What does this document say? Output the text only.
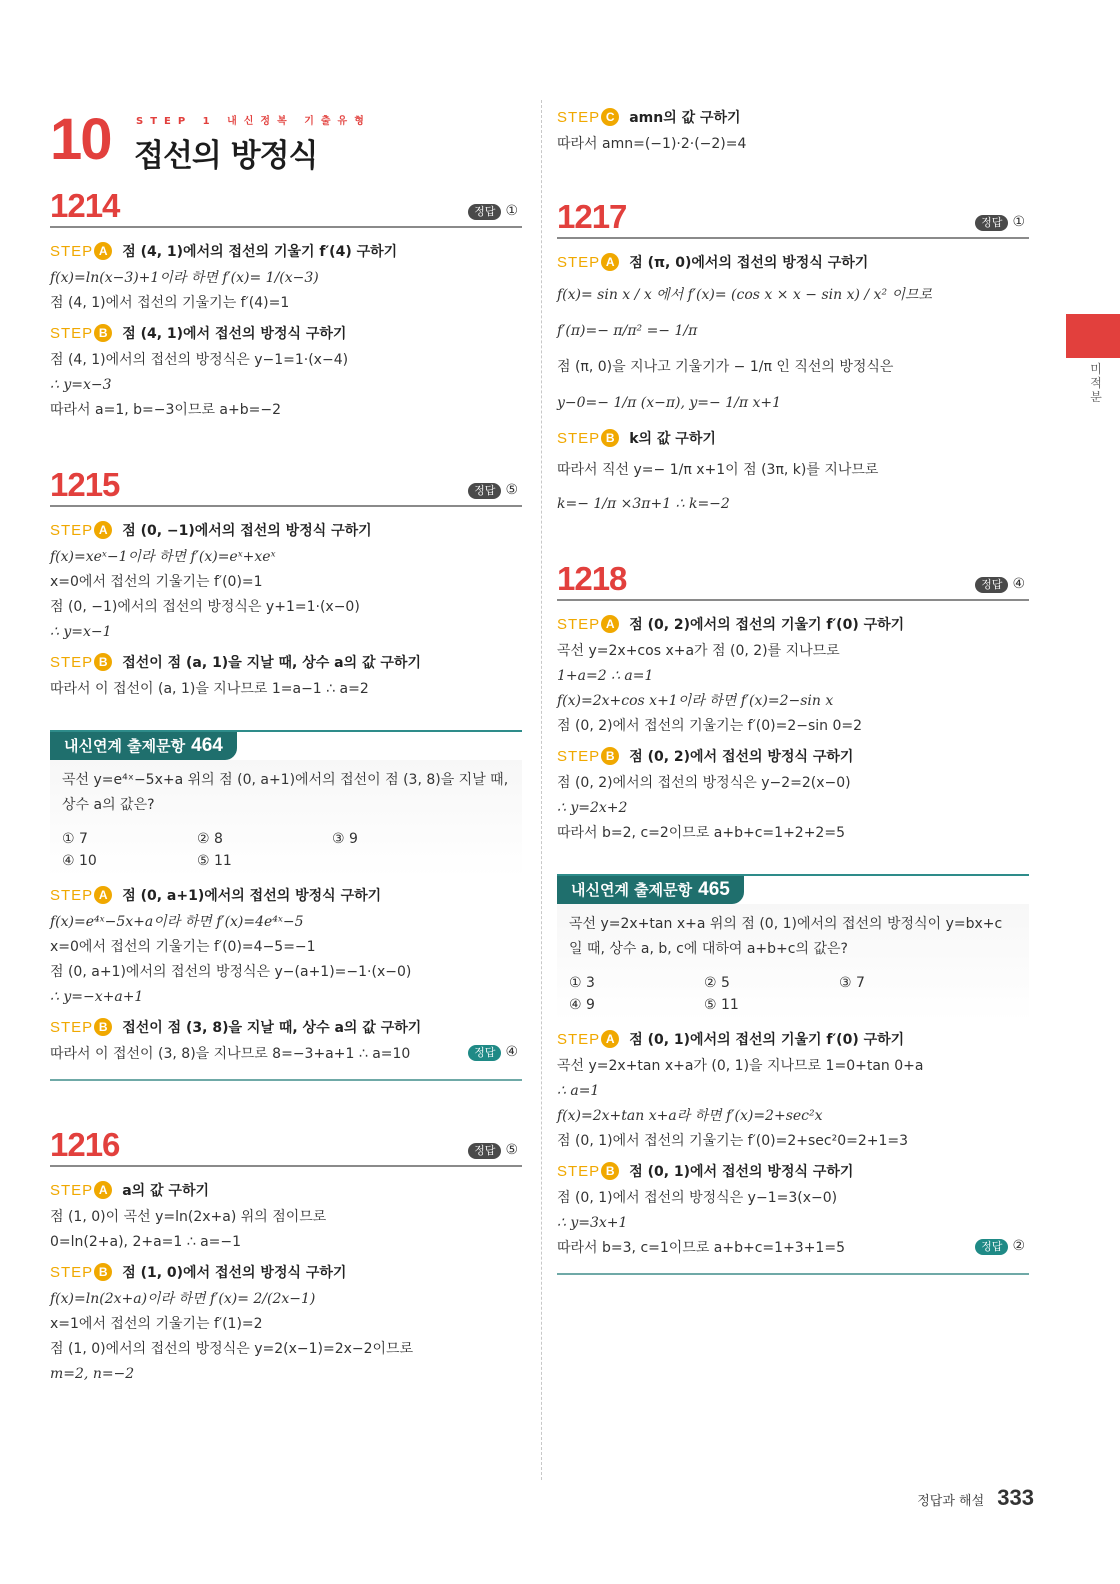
10	STEP 1 내신정복 기출유형
접선의 방정식
1214	정답 ①
STEP A	점 (4, 1)에서의 접선의 기울기 f′(4) 구하기
f(x)=ln(x−3)+1이라 하면 f′(x)= 1/(x−3)
점 (4, 1)에서 접선의 기울기는 f′(4)=1
STEP B	점 (4, 1)에서 접선의 방정식 구하기
점 (4, 1)에서의 접선의 방정식은 y−1=1·(x−4)
∴ y=x−3
따라서 a=1, b=−3이므로 a+b=−2
1215	정답 ⑤
STEP A	점 (0, −1)에서의 접선의 방정식 구하기
f(x)=xeˣ−1이라 하면 f′(x)=eˣ+xeˣ
x=0에서 접선의 기울기는 f′(0)=1
점 (0, −1)에서의 접선의 방정식은 y+1=1·(x−0)
∴ y=x−1
STEP B	접선이 점 (a, 1)을 지날 때, 상수 a의 값 구하기
따라서 이 접선이 (a, 1)을 지나므로 1=a−1 ∴ a=2
내신연계 출제문항 464
곡선 y=e⁴ˣ−5x+a 위의 점 (0, a+1)에서의 접선이 점 (3, 8)을 지날 때,
상수 a의 값은?
① 7	② 8	③ 9
④ 10	⑤ 11
STEP A	점 (0, a+1)에서의 접선의 방정식 구하기
f(x)=e⁴ˣ−5x+a이라 하면 f′(x)=4e⁴ˣ−5
x=0에서 접선의 기울기는 f′(0)=4−5=−1
점 (0, a+1)에서의 접선의 방정식은 y−(a+1)=−1·(x−0)
∴ y=−x+a+1
STEP B	접선이 점 (3, 8)을 지날 때, 상수 a의 값 구하기
따라서 이 접선이 (3, 8)을 지나므로 8=−3+a+1 ∴ a=10	정답 ④
1216	정답 ⑤
STEP A	a의 값 구하기
점 (1, 0)이 곡선 y=ln(2x+a) 위의 점이므로
0=ln(2+a), 2+a=1 ∴ a=−1
STEP B	점 (1, 0)에서 접선의 방정식 구하기
f(x)=ln(2x+a)이라 하면 f′(x)= 2/(2x−1)
x=1에서 접선의 기울기는 f′(1)=2
점 (1, 0)에서의 접선의 방정식은 y=2(x−1)=2x−2이므로
m=2, n=−2
STEP C	amn의 값 구하기
따라서 amn=(−1)·2·(−2)=4
1217	정답 ①
STEP A	점 (π, 0)에서의 접선의 방정식 구하기
f(x)= sin x / x 에서 f′(x)= (cos x × x − sin x) / x² 이므로
f′(π)=− π/π² =− 1/π
점 (π, 0)을 지나고 기울기가 − 1/π 인 직선의 방정식은
y−0=− 1/π (x−π), y=− 1/π x+1
STEP B	k의 값 구하기
따라서 직선 y=− 1/π x+1이 점 (3π, k)를 지나므로
k=− 1/π ×3π+1 ∴ k=−2
1218	정답 ④
STEP A	점 (0, 2)에서의 접선의 기울기 f′(0) 구하기
곡선 y=2x+cos x+a가 점 (0, 2)를 지나므로
1+a=2 ∴ a=1
f(x)=2x+cos x+1이라 하면 f′(x)=2−sin x
점 (0, 2)에서 접선의 기울기는 f′(0)=2−sin 0=2
STEP B	점 (0, 2)에서 접선의 방정식 구하기
점 (0, 2)에서의 접선의 방정식은 y−2=2(x−0)
∴ y=2x+2
따라서 b=2, c=2이므로 a+b+c=1+2+2=5
내신연계 출제문항 465
곡선 y=2x+tan x+a 위의 점 (0, 1)에서의 접선의 방정식이 y=bx+c
일 때, 상수 a, b, c에 대하여 a+b+c의 값은?
① 3	② 5	③ 7
④ 9	⑤ 11
STEP A	점 (0, 1)에서의 접선의 기울기 f′(0) 구하기
곡선 y=2x+tan x+a가 (0, 1)을 지나므로 1=0+tan 0+a
∴ a=1
f(x)=2x+tan x+a라 하면 f′(x)=2+sec²x
점 (0, 1)에서 접선의 기울기는 f′(0)=2+sec²0=2+1=3
STEP B	점 (0, 1)에서 접선의 방정식 구하기
점 (0, 1)에서 접선의 방정식은 y−1=3(x−0)
∴ y=3x+1
따라서 b=3, c=1이므로 a+b+c=1+3+1=5	정답 ②
미적분
정답과 해설 333
